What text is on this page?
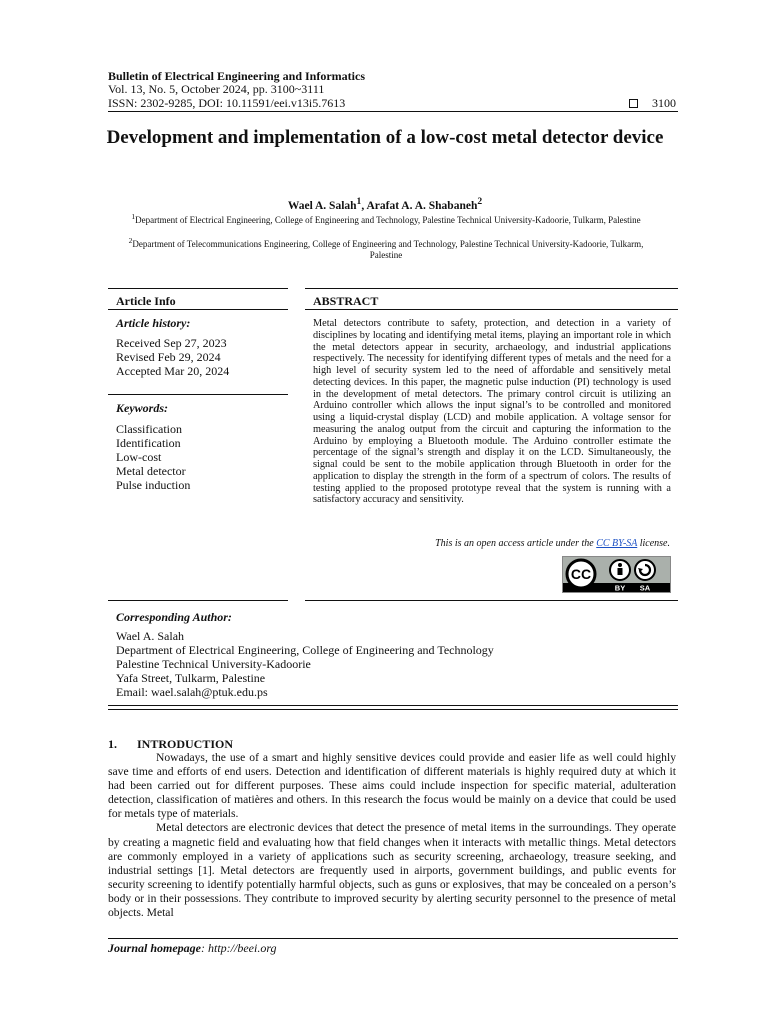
Bulletin of Electrical Engineering and Informatics
Vol. 13, No. 5, October 2024, pp. 3100~3111
ISSN: 2302-9285, DOI: 10.11591/eei.v13i5.7613	3100
Development and implementation of a low-cost metal detector device
Wael A. Salah$^1$, Arafat A. A. Shabaneh$^2$
$^1$Department of Electrical Engineering, College of Engineering and Technology, Palestine Technical University-Kadoorie, Tulkarm, Palestine
$^2$Department of Telecommunications Engineering, College of Engineering and Technology, Palestine Technical University-Kadoorie, Tulkarm, Palestine
Article Info
Article history:
Received Sep 27, 2023
Revised Feb 29, 2024
Accepted Mar 20, 2024
Keywords:
Classification
Identification
Low-cost
Metal detector
Pulse induction
ABSTRACT
Metal detectors contribute to safety, protection, and detection in a variety of disciplines by locating and identifying metal items, playing an important role in which the metal detectors appear in security, archaeology, and industrial applications respectively. The necessity for identifying different types of metals and the need for a high level of security system led to the need of affordable and sensitively metal detecting devices. In this paper, the magnetic pulse induction (PI) technology is used in the development of metal detectors. The primary control circuit is utilizing an Arduino controller which allows the input signal’s to be controlled and monitored using a liquid-crystal display (LCD) and mobile application. A voltage sensor for measuring the analog output from the circuit and capturing the information to the Arduino by employing a Bluetooth module. The Arduino controller estimate the percentage of the signal’s strength and display it on the LCD. Simultaneously, the signal could be sent to the mobile application through Bluetooth in order for the application to display the strength in the form of a spectrum of colors. The results of testing applied to the proposed prototype reveal that the system is running with a satisfactory accuracy and sensitivity.
This is an open access article under the CC BY-SA license.
CC
BY SA
Corresponding Author:
Wael A. Salah
Department of Electrical Engineering, College of Engineering and Technology
Palestine Technical University-Kadoorie
Yafa Street, Tulkarm, Palestine
Email: wael.salah@ptuk.edu.ps
1. INTRODUCTION

Nowadays, the use of a smart and highly sensitive devices could provide and easier life as well could highly save time and efforts of end users. Detection and identification of different materials is highly required duty at which it had been carried out for different purposes. These aims could include inspection for specific material, adulteration detection, classification of matières and others. In this research the focus would be mainly on a device that could be used for metals type of materials.

Metal detectors are electronic devices that detect the presence of metal items in the surroundings. They operate by creating a magnetic field and evaluating how that field changes when it interacts with metallic things. Metal detectors are commonly employed in a variety of applications such as security screening, archaeology, treasure seeking, and industrial settings [1]. Metal detectors are frequently used in airports, government buildings, and public events for security screening to identify potentially harmful objects, such as guns or explosives, that may be concealed on a person’s body or in their possessions. They contribute to improved security by alerting security personnel to the presence of metal objects. Metal

Journal homepage: http://beei.org
